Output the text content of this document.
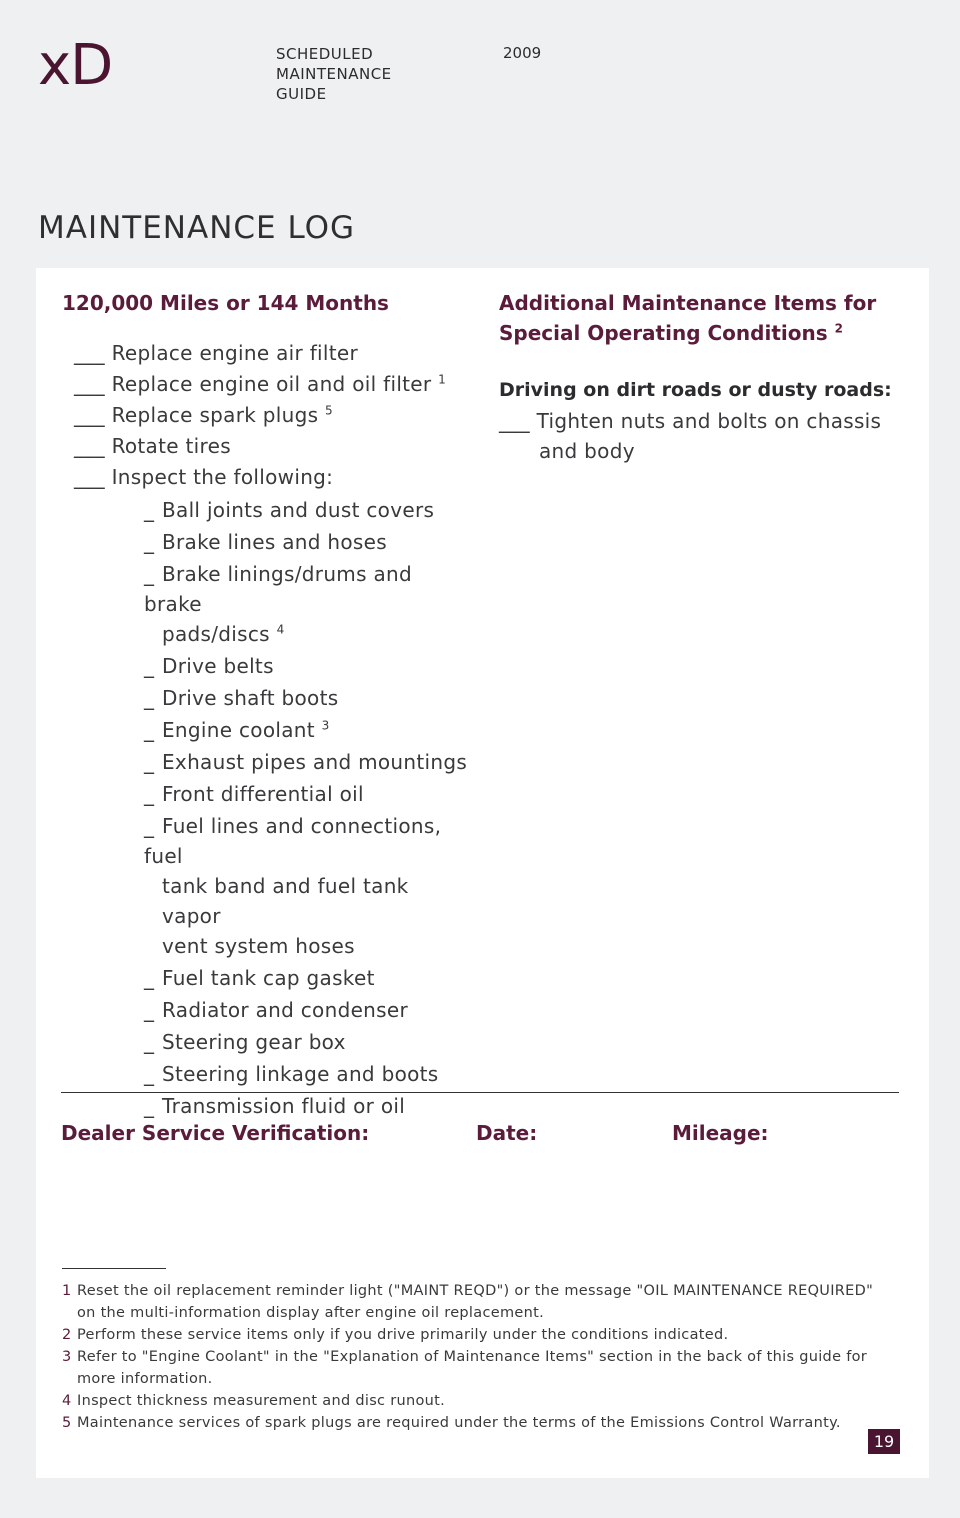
xD	SCHEDULED
MAINTENANCE
GUIDE
2009
MAINTENANCE LOG
120,000 Miles or 144 Months
___ Replace engine air filter
___ Replace engine oil and oil filter $^1$
___ Replace spark plugs $^5$
___ Rotate tires
___ Inspect the following:
_ Ball joints and dust covers
_ Brake lines and hoses
_ Brake linings/drums and brake
pads/discs $^4$
_ Drive belts
_ Drive shaft boots
_ Engine coolant $^3$
_ Exhaust pipes and mountings
_ Front differential oil
_ Fuel lines and connections, fuel
tank band and fuel tank vapor
vent system hoses
_ Fuel tank cap gasket
_ Radiator and condenser
_ Steering gear box
_ Steering linkage and boots
_ Transmission fluid or oil
Additional Maintenance Items for
Special Operating Conditions $^2$
Driving on dirt roads or dusty roads:
___ Tighten nuts and bolts on chassis
and body
Dealer Service Verification:	Date:	Mileage:
1 Reset the oil replacement reminder light ("MAINT REQD") or the message "OIL MAINTENANCE REQUIRED"
on the multi-information display after engine oil replacement.
2 Perform these service items only if you drive primarily under the conditions indicated.
3 Refer to "Engine Coolant" in the "Explanation of Maintenance Items" section in the back of this guide for
more information.
4 Inspect thickness measurement and disc runout.
5 Maintenance services of spark plugs are required under the terms of the Emissions Control Warranty.
19
